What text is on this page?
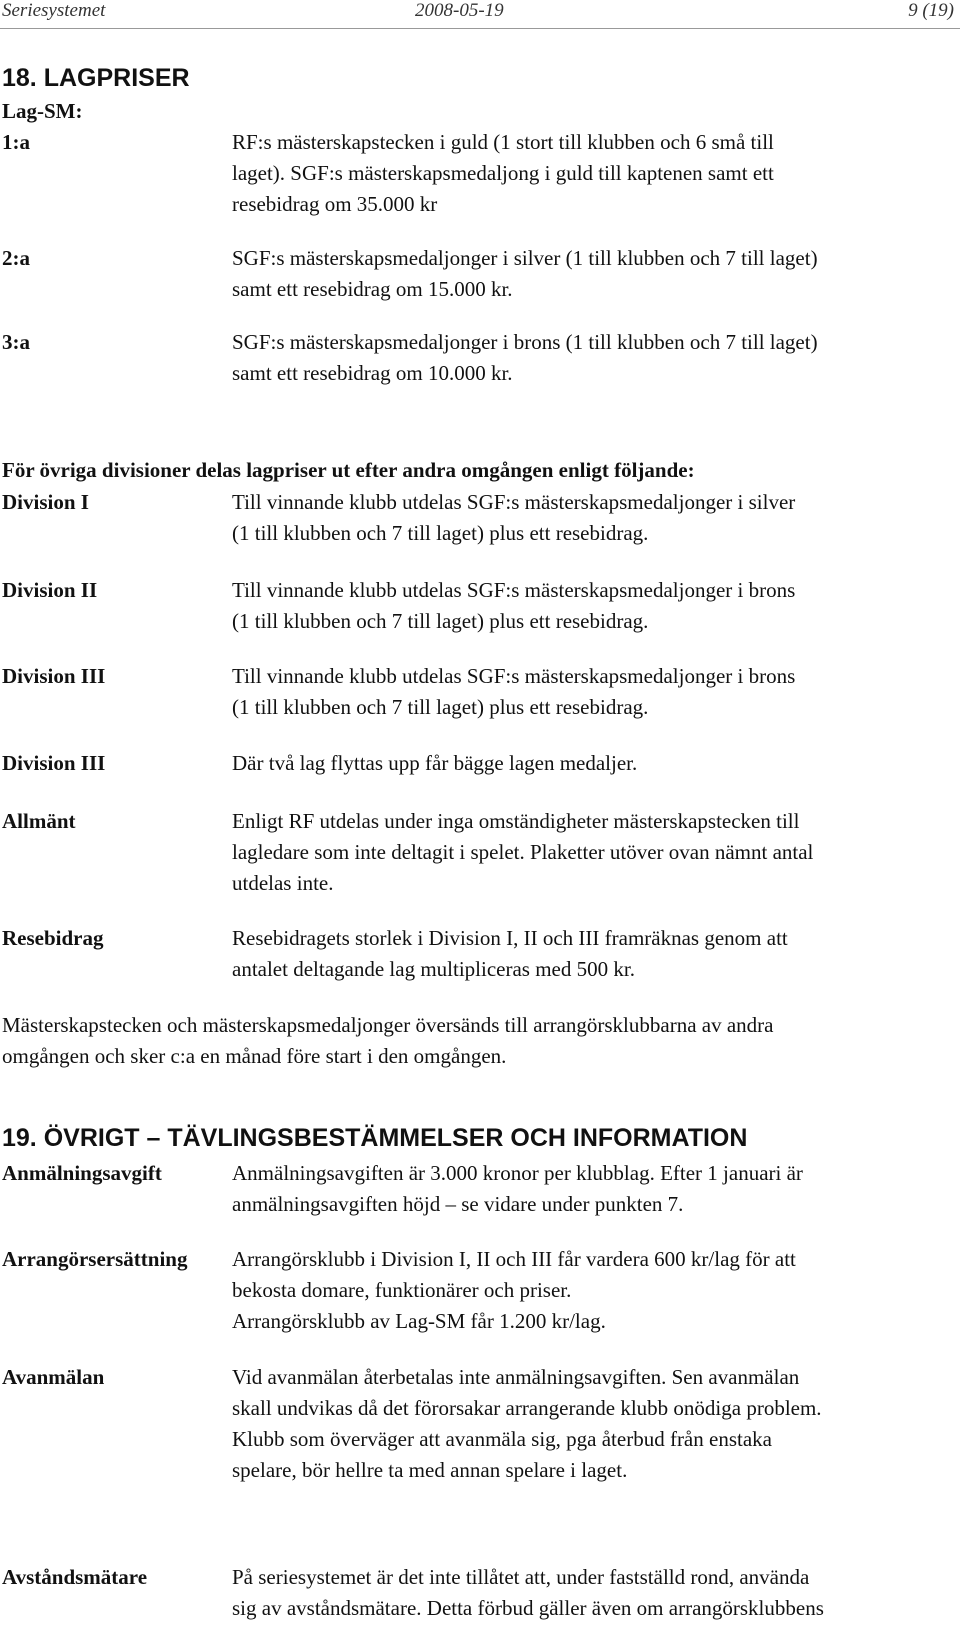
Seriesystemet	2008-05-19	9 (19)
18. LAGPRISER
Lag-SM:
1:a	RF:s mästerskapstecken i guld (1 stort till klubben och 6 små till
laget). SGF:s mästerskapsmedaljong i guld till kaptenen samt ett
resebidrag om 35.000 kr
2:a	SGF:s mästerskapsmedaljonger i silver (1 till klubben och 7 till laget)
samt ett resebidrag om 15.000 kr.
3:a	SGF:s mästerskapsmedaljonger i brons (1 till klubben och 7 till laget)
samt ett resebidrag om 10.000 kr.
För övriga divisioner delas lagpriser ut efter andra omgången enligt följande:
Division I	Till vinnande klubb utdelas SGF:s mästerskapsmedaljonger i silver
(1 till klubben och 7 till laget) plus ett resebidrag.
Division II	Till vinnande klubb utdelas SGF:s mästerskapsmedaljonger i brons
(1 till klubben och 7 till laget) plus ett resebidrag.
Division III	Till vinnande klubb utdelas SGF:s mästerskapsmedaljonger i brons
(1 till klubben och 7 till laget) plus ett resebidrag.
Division III	Där två lag flyttas upp får bägge lagen medaljer.
Allmänt	Enligt RF utdelas under inga omständigheter mästerskapstecken till
lagledare som inte deltagit i spelet. Plaketter utöver ovan nämnt antal
utdelas inte.
Resebidrag	Resebidragets storlek i Division I, II och III framräknas genom att
antalet deltagande lag multipliceras med 500 kr.
Mästerskapstecken och mästerskapsmedaljonger översänds till arrangörsklubbarna av andra
omgången och sker c:a en månad före start i den omgången.
19. ÖVRIGT – TÄVLINGSBESTÄMMELSER OCH INFORMATION
Anmälningsavgift	Anmälningsavgiften är 3.000 kronor per klubblag. Efter 1 januari är
anmälningsavgiften höjd – se vidare under punkten 7.
Arrangörsersättning Arrangörsklubb i Division I, II och III får vardera 600 kr/lag för att
bekosta domare, funktionärer och priser.
Arrangörsklubb av Lag-SM får 1.200 kr/lag.
Avanmälan	Vid avanmälan återbetalas inte anmälningsavgiften. Sen avanmälan
skall undvikas då det förorsakar arrangerande klubb onödiga problem.
Klubb som överväger att avanmäla sig, pga återbud från enstaka
spelare, bör hellre ta med annan spelare i laget.
Avståndsmätare	På seriesystemet är det inte tillåtet att, under fastställd rond, använda
sig av avståndsmätare. Detta förbud gäller även om arrangörsklubbens
